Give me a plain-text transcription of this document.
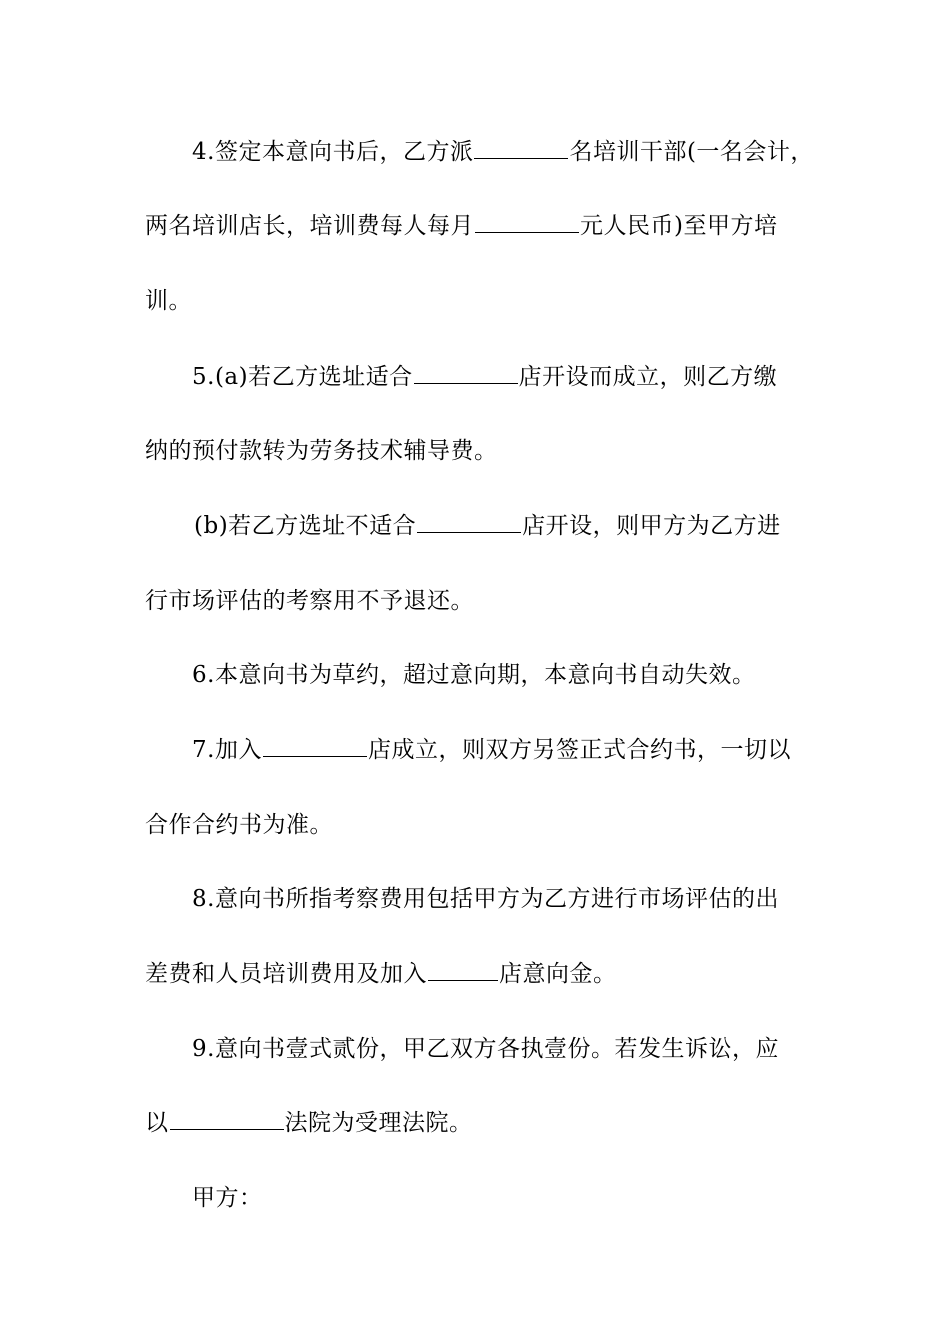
4.签定本意向书后，乙方派	名培训干部(一名会计，
两名培训店长，培训费每人每月	元人民币)至甲方培
训。
5.(a)若乙方选址适合	店开设而成立，则乙方缴
纳的预付款转为劳务技术辅导费。
(b)若乙方选址不适合	店开设，则甲方为乙方进
行市场评估的考察用不予退还。
6.本意向书为草约，超过意向期，本意向书自动失效。
7.加入	店成立，则双方另签正式合约书，一切以
合作合约书为准。
8.意向书所指考察费用包括甲方为乙方进行市场评估的出
差费和人员培训费用及加入	店意向金。
9.意向书壹式贰份，甲乙双方各执壹份。若发生诉讼，应
以	法院为受理法院。
甲方：
